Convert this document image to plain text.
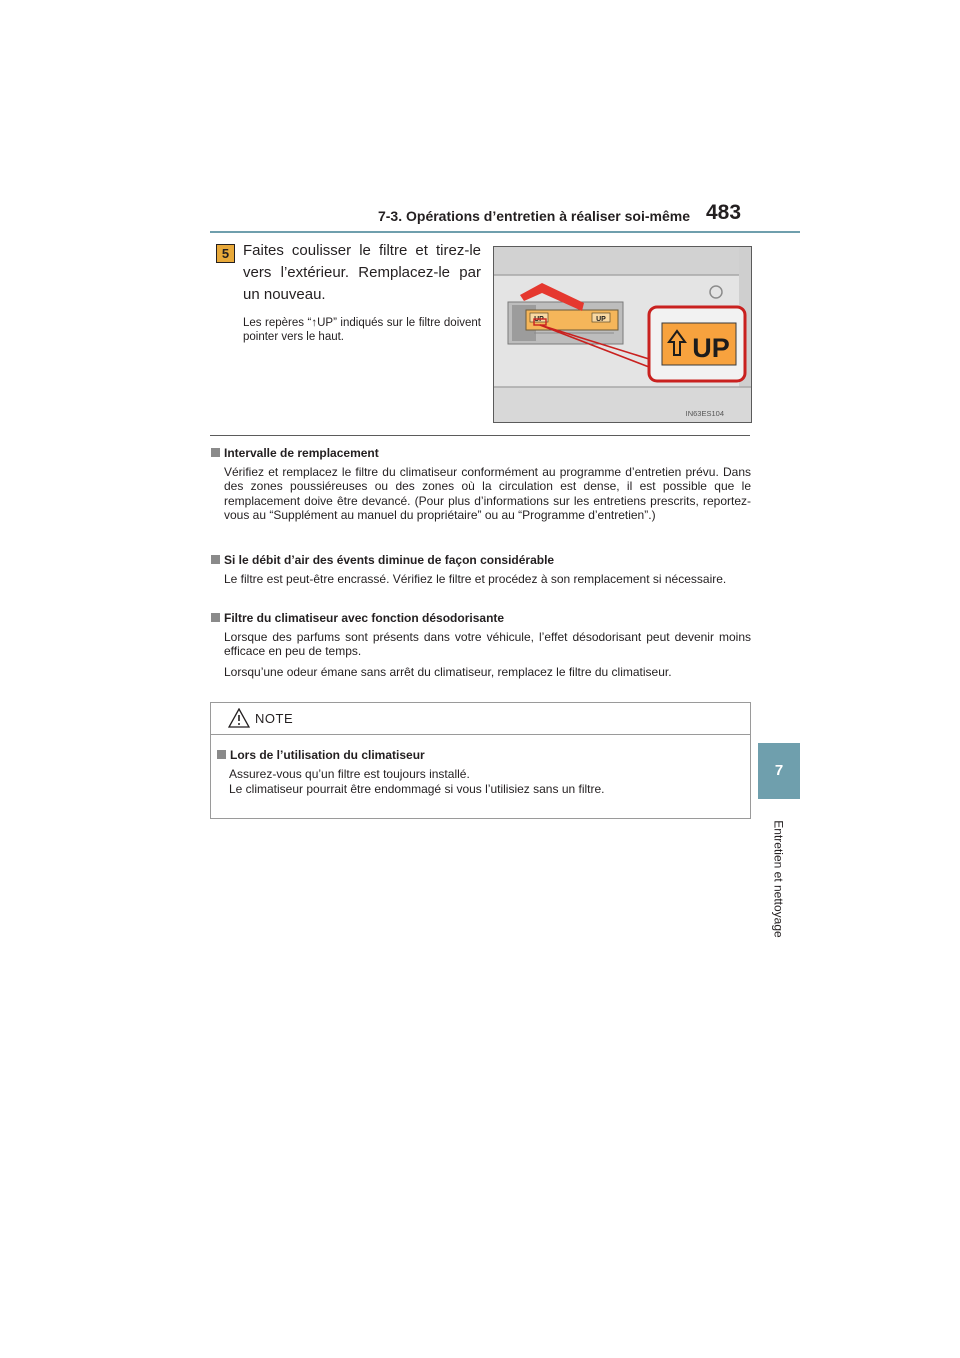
7-3. Opérations d’entretien à réaliser soi-même 483
7
Entretien et nettoyage
5 Faites coulisser le filtre et tirez-le vers l’extérieur. Remplacez-le par un nouveau.
Les repères “↑UP” indiqués sur le filtre doivent pointer vers le haut.
UP	UP
UP
IN63ES104
Intervalle de remplacement

Vérifiez et remplacez le filtre du climatiseur conformément au programme d’entretien prévu. Dans des zones poussiéreuses ou des zones où la circulation est dense, il est possible que le remplacement doive être devancé. (Pour plus d’informations sur les entretiens prescrits, reportez-vous au “Supplément au manuel du propriétaire” ou au “Programme d’entretien”.)

Si le débit d’air des évents diminue de façon considérable

Le filtre est peut-être encrassé. Vérifiez le filtre et procédez à son remplacement si nécessaire.

Filtre du climatiseur avec fonction désodorisante

Lorsque des parfums sont présents dans votre véhicule, l’effet désodorisant peut devenir moins efficace en peu de temps.

Lorsqu’une odeur émane sans arrêt du climatiseur, remplacez le filtre du climatiseur.

NOTE
Lors de l’utilisation du climatiseur

Assurez-vous qu’un filtre est toujours installé.

Le climatiseur pourrait être endommagé si vous l’utilisiez sans un filtre.
